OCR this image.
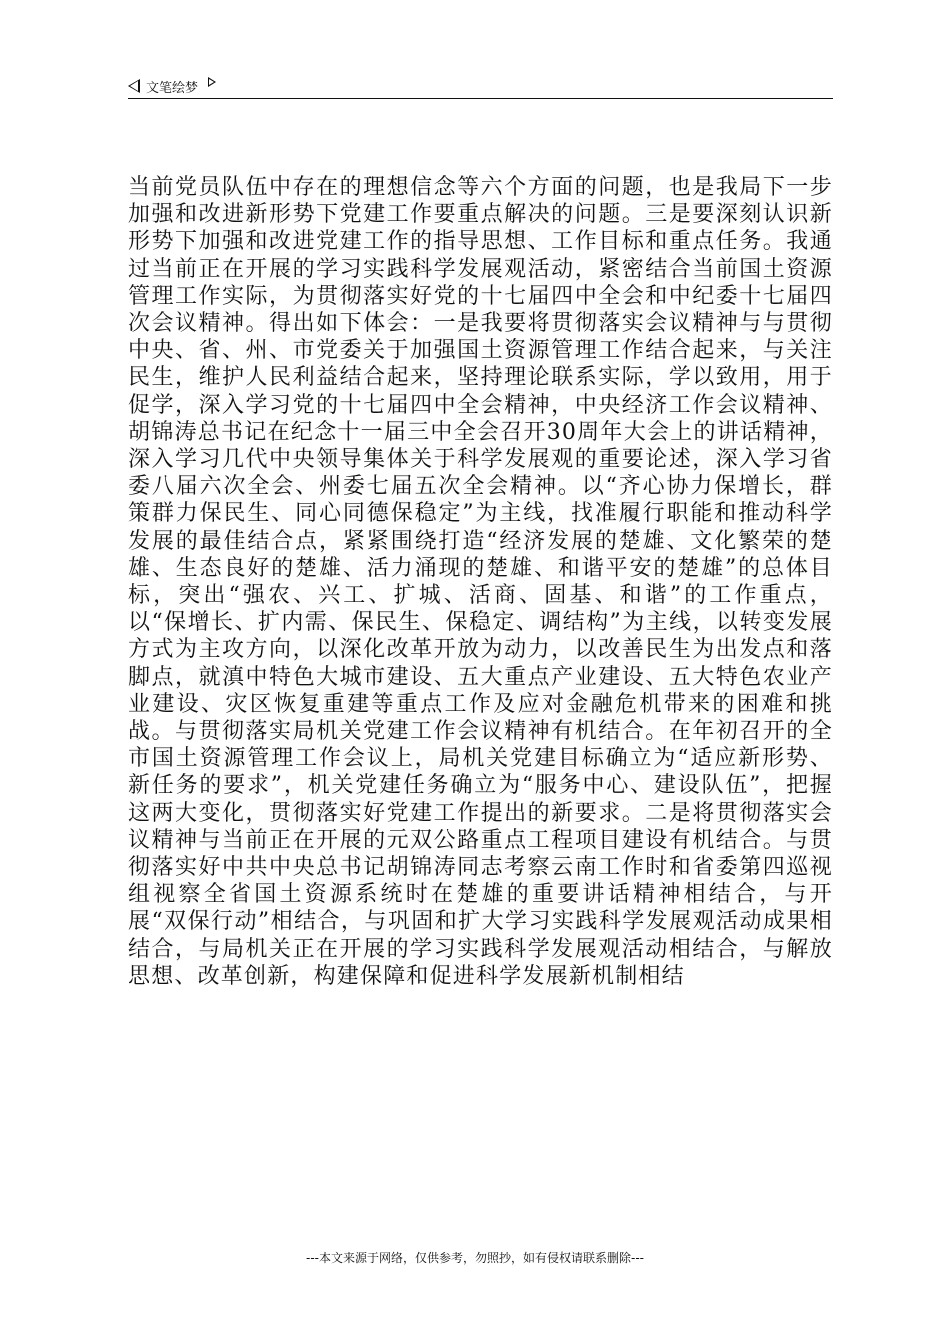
文笔绘梦

当前党员队伍中存在的理想信念等六个方面的问题，也是我局下一步加强和改进新形势下党建工作要重点解决的问题。三是要深刻认识新形势下加强和改进党建工作的指导思想、工作目标和重点任务。我通过当前正在开展的学习实践科学发展观活动，紧密结合当前国土资源管理工作实际，为贯彻落实好党的十七届四中全会和中纪委十七届四次会议精神。得出如下体会：一是我要将贯彻落实会议精神与与贯彻中央、省、州、市党委关于加强国土资源管理工作结合起来，与关注民生，维护人民利益结合起来，坚持理论联系实际，学以致用，用于促学，深入学习党的十七届四中全会精神，中央经济工作会议精神、胡锦涛总书记在纪念十一届三中全会召开30周年大会上的讲话精神，深入学习几代中央领导集体关于科学发展观的重要论述，深入学习省委八届六次全会、州委七届五次全会精神。以“齐心协力保增长，群策群力保民生、同心同德保稳定”为主线，找准履行职能和推动科学发展的最佳结合点，紧紧围绕打造“经济发展的楚雄、文化繁荣的楚雄、生态良好的楚雄、活力涌现的楚雄、和谐平安的楚雄”的总体目标，突出“强农、兴工、扩城、活商、固基、和谐”的工作重点，以“保增长、扩内需、保民生、保稳定、调结构”为主线，以转变发展方式为主攻方向，以深化改革开放为动力，以改善民生为出发点和落脚点，就滇中特色大城市建设、五大重点产业建设、五大特色农业产业建设、灾区恢复重建等重点工作及应对金融危机带来的困难和挑战。与贯彻落实局机关党建工作会议精神有机结合。在年初召开的全市国土资源管理工作会议上，局机关党建目标确立为“适应新形势、新任务的要求”，机关党建任务确立为“服务中心、建设队伍”，把握这两大变化，贯彻落实好党建工作提出的新要求。二是将贯彻落实会议精神与当前正在开展的元双公路重点工程项目建设有机结合。与贯彻落实好中共中央总书记胡锦涛同志考察云南工作时和省委第四巡视组视察全省国土资源系统时在楚雄的重要讲话精神相结合，与开展“双保行动”相结合，与巩固和扩大学习实践科学发展观活动成果相结合，与局机关正在开展的学习实践科学发展观活动相结合，与解放思想、改革创新，构建保障和促进科学发展新机制相结

---本文来源于网络，仅供参考，勿照抄，如有侵权请联系删除---
